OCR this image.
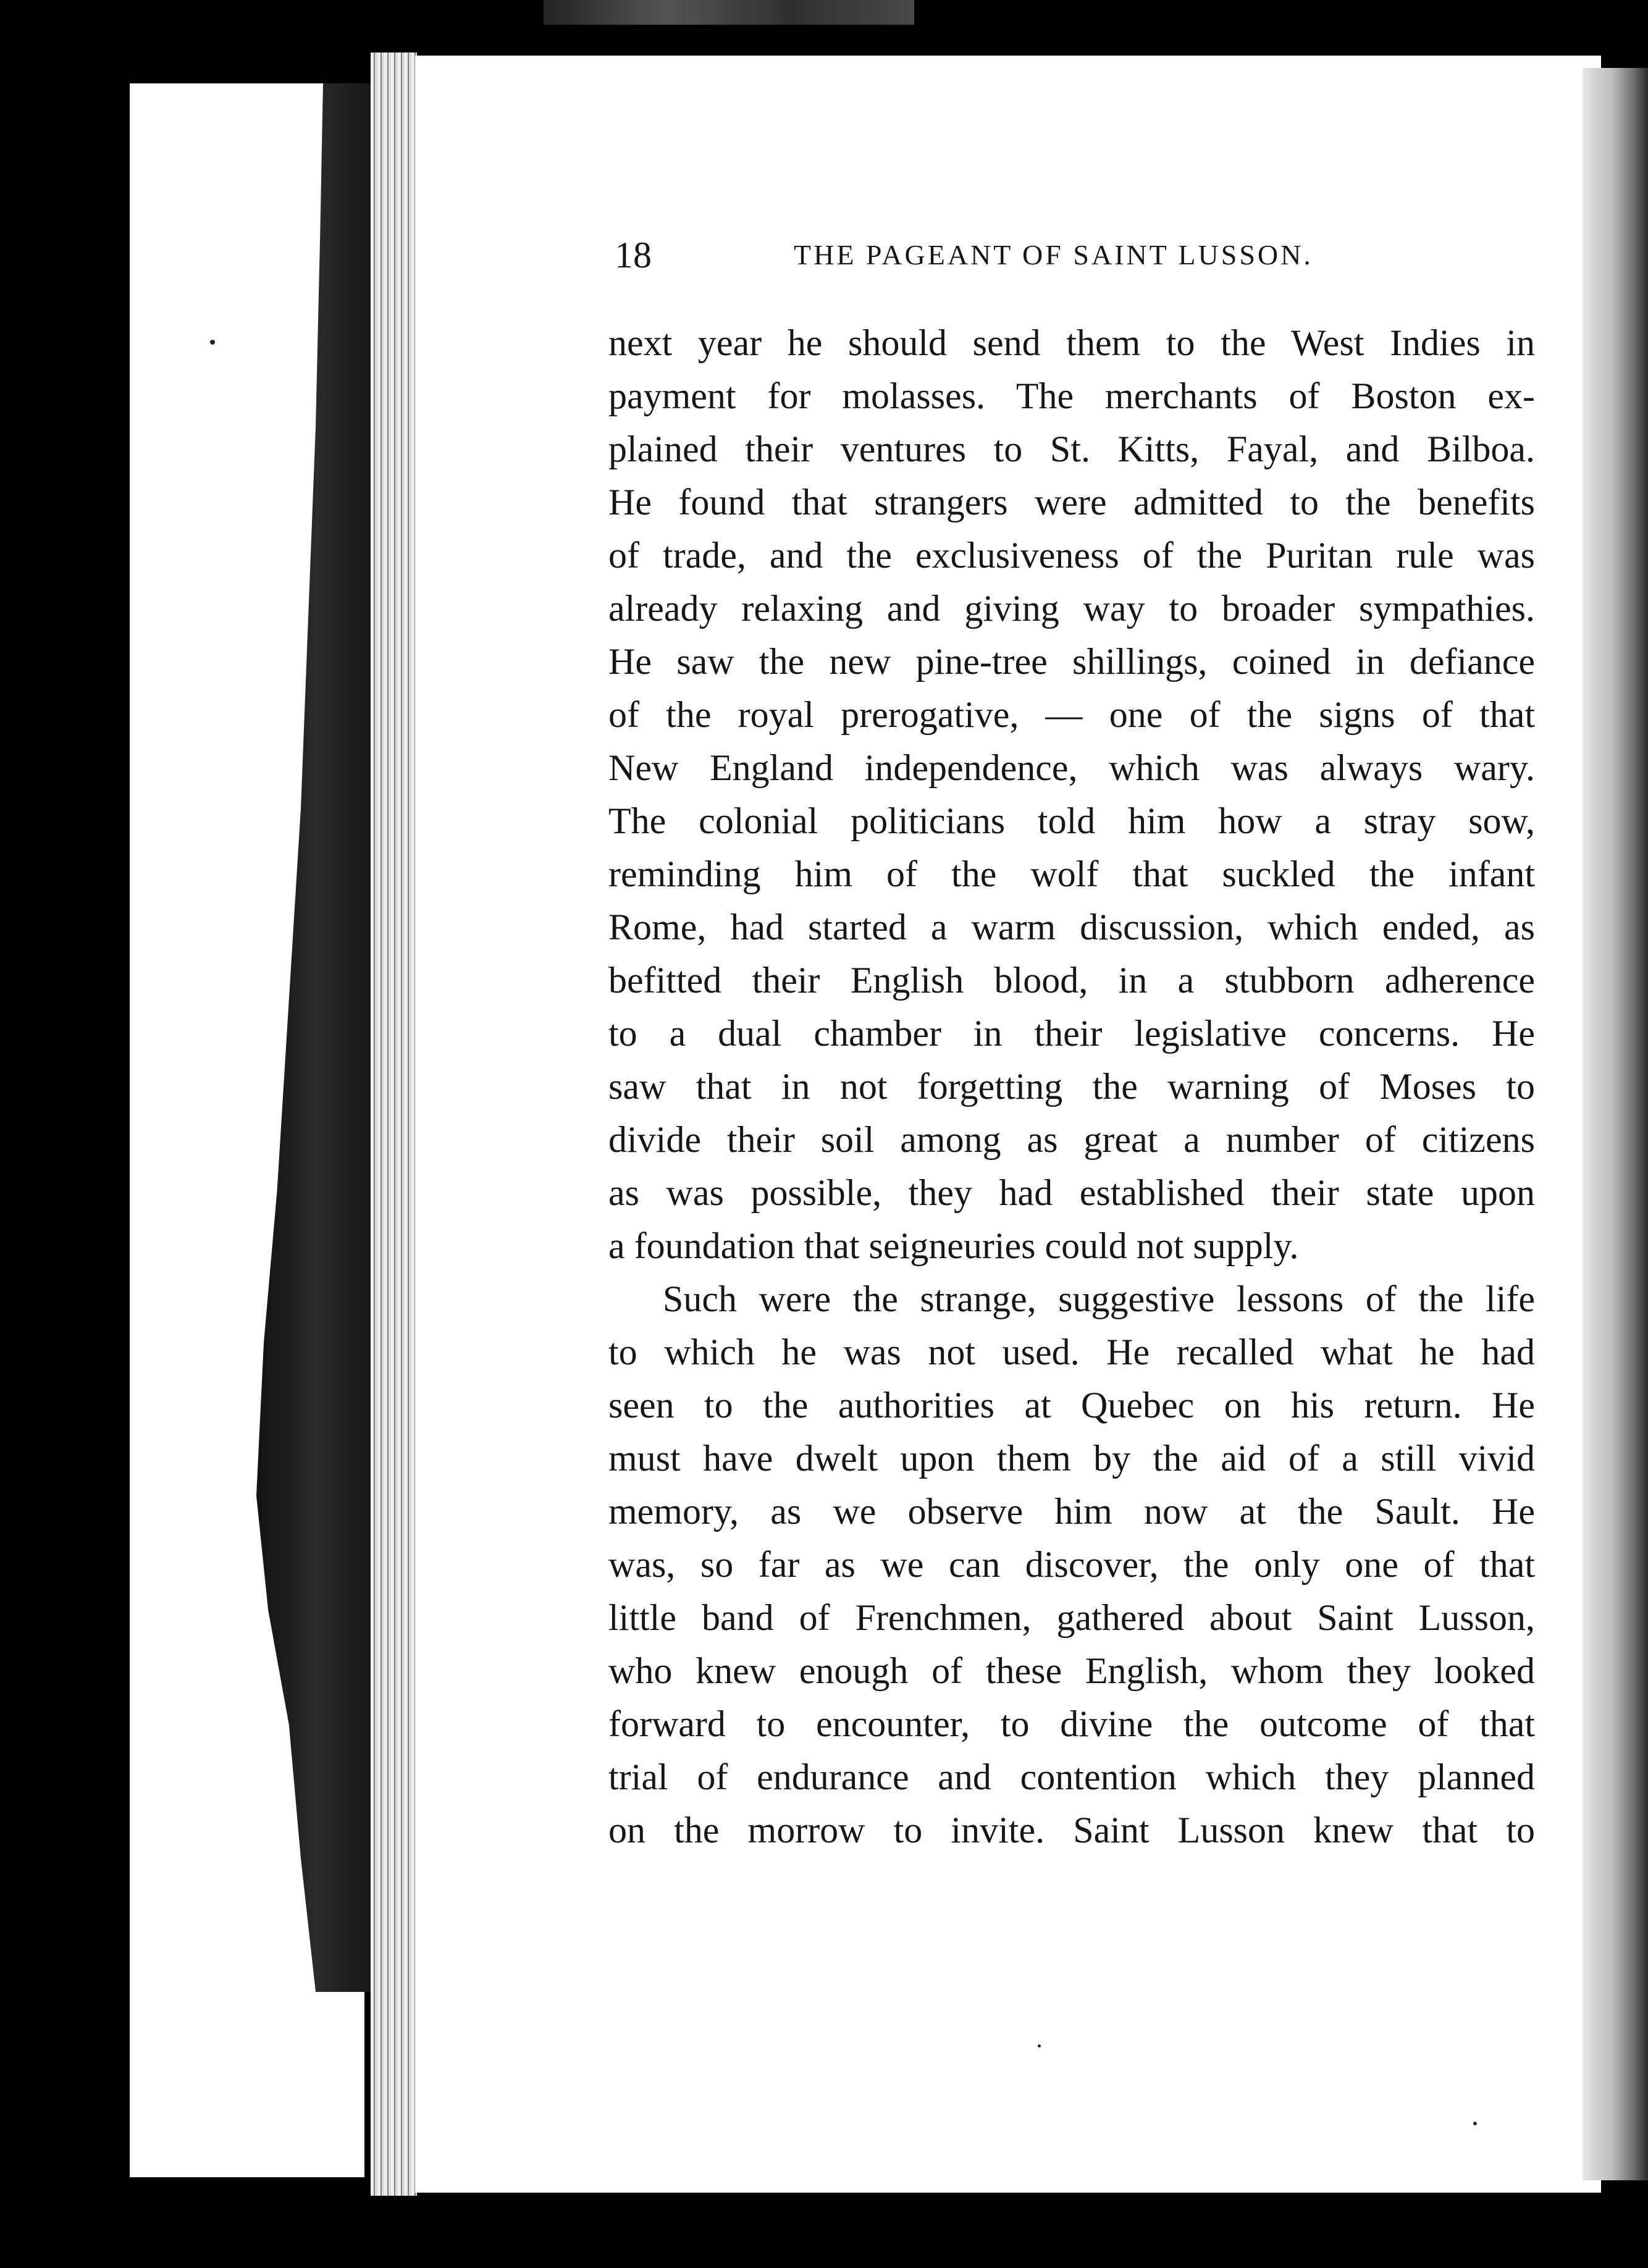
18	THE PAGEANT OF SAINT LUSSON.
next year he should send them to the West Indies in
payment for molasses. The merchants of Boston ex-
plained their ventures to St. Kitts, Fayal, and Bilboa.
He found that strangers were admitted to the benefits
of trade, and the exclusiveness of the Puritan rule was
already relaxing and giving way to broader sympathies.
He saw the new pine-tree shillings, coined in defiance
of the royal prerogative, — one of the signs of that
New England independence, which was always wary.
The colonial politicians told him how a stray sow,
reminding him of the wolf that suckled the infant
Rome, had started a warm discussion, which ended, as
befitted their English blood, in a stubborn adherence
to a dual chamber in their legislative concerns. He
saw that in not forgetting the warning of Moses to
divide their soil among as great a number of citizens
as was possible, they had established their state upon
a foundation that seigneuries could not supply.
Such were the strange, suggestive lessons of the life
to which he was not used. He recalled what he had
seen to the authorities at Quebec on his return. He
must have dwelt upon them by the aid of a still vivid
memory, as we observe him now at the Sault. He
was, so far as we can discover, the only one of that
little band of Frenchmen, gathered about Saint Lusson,
who knew enough of these English, whom they looked
forward to encounter, to divine the outcome of that
trial of endurance and contention which they planned
on the morrow to invite. Saint Lusson knew that to
